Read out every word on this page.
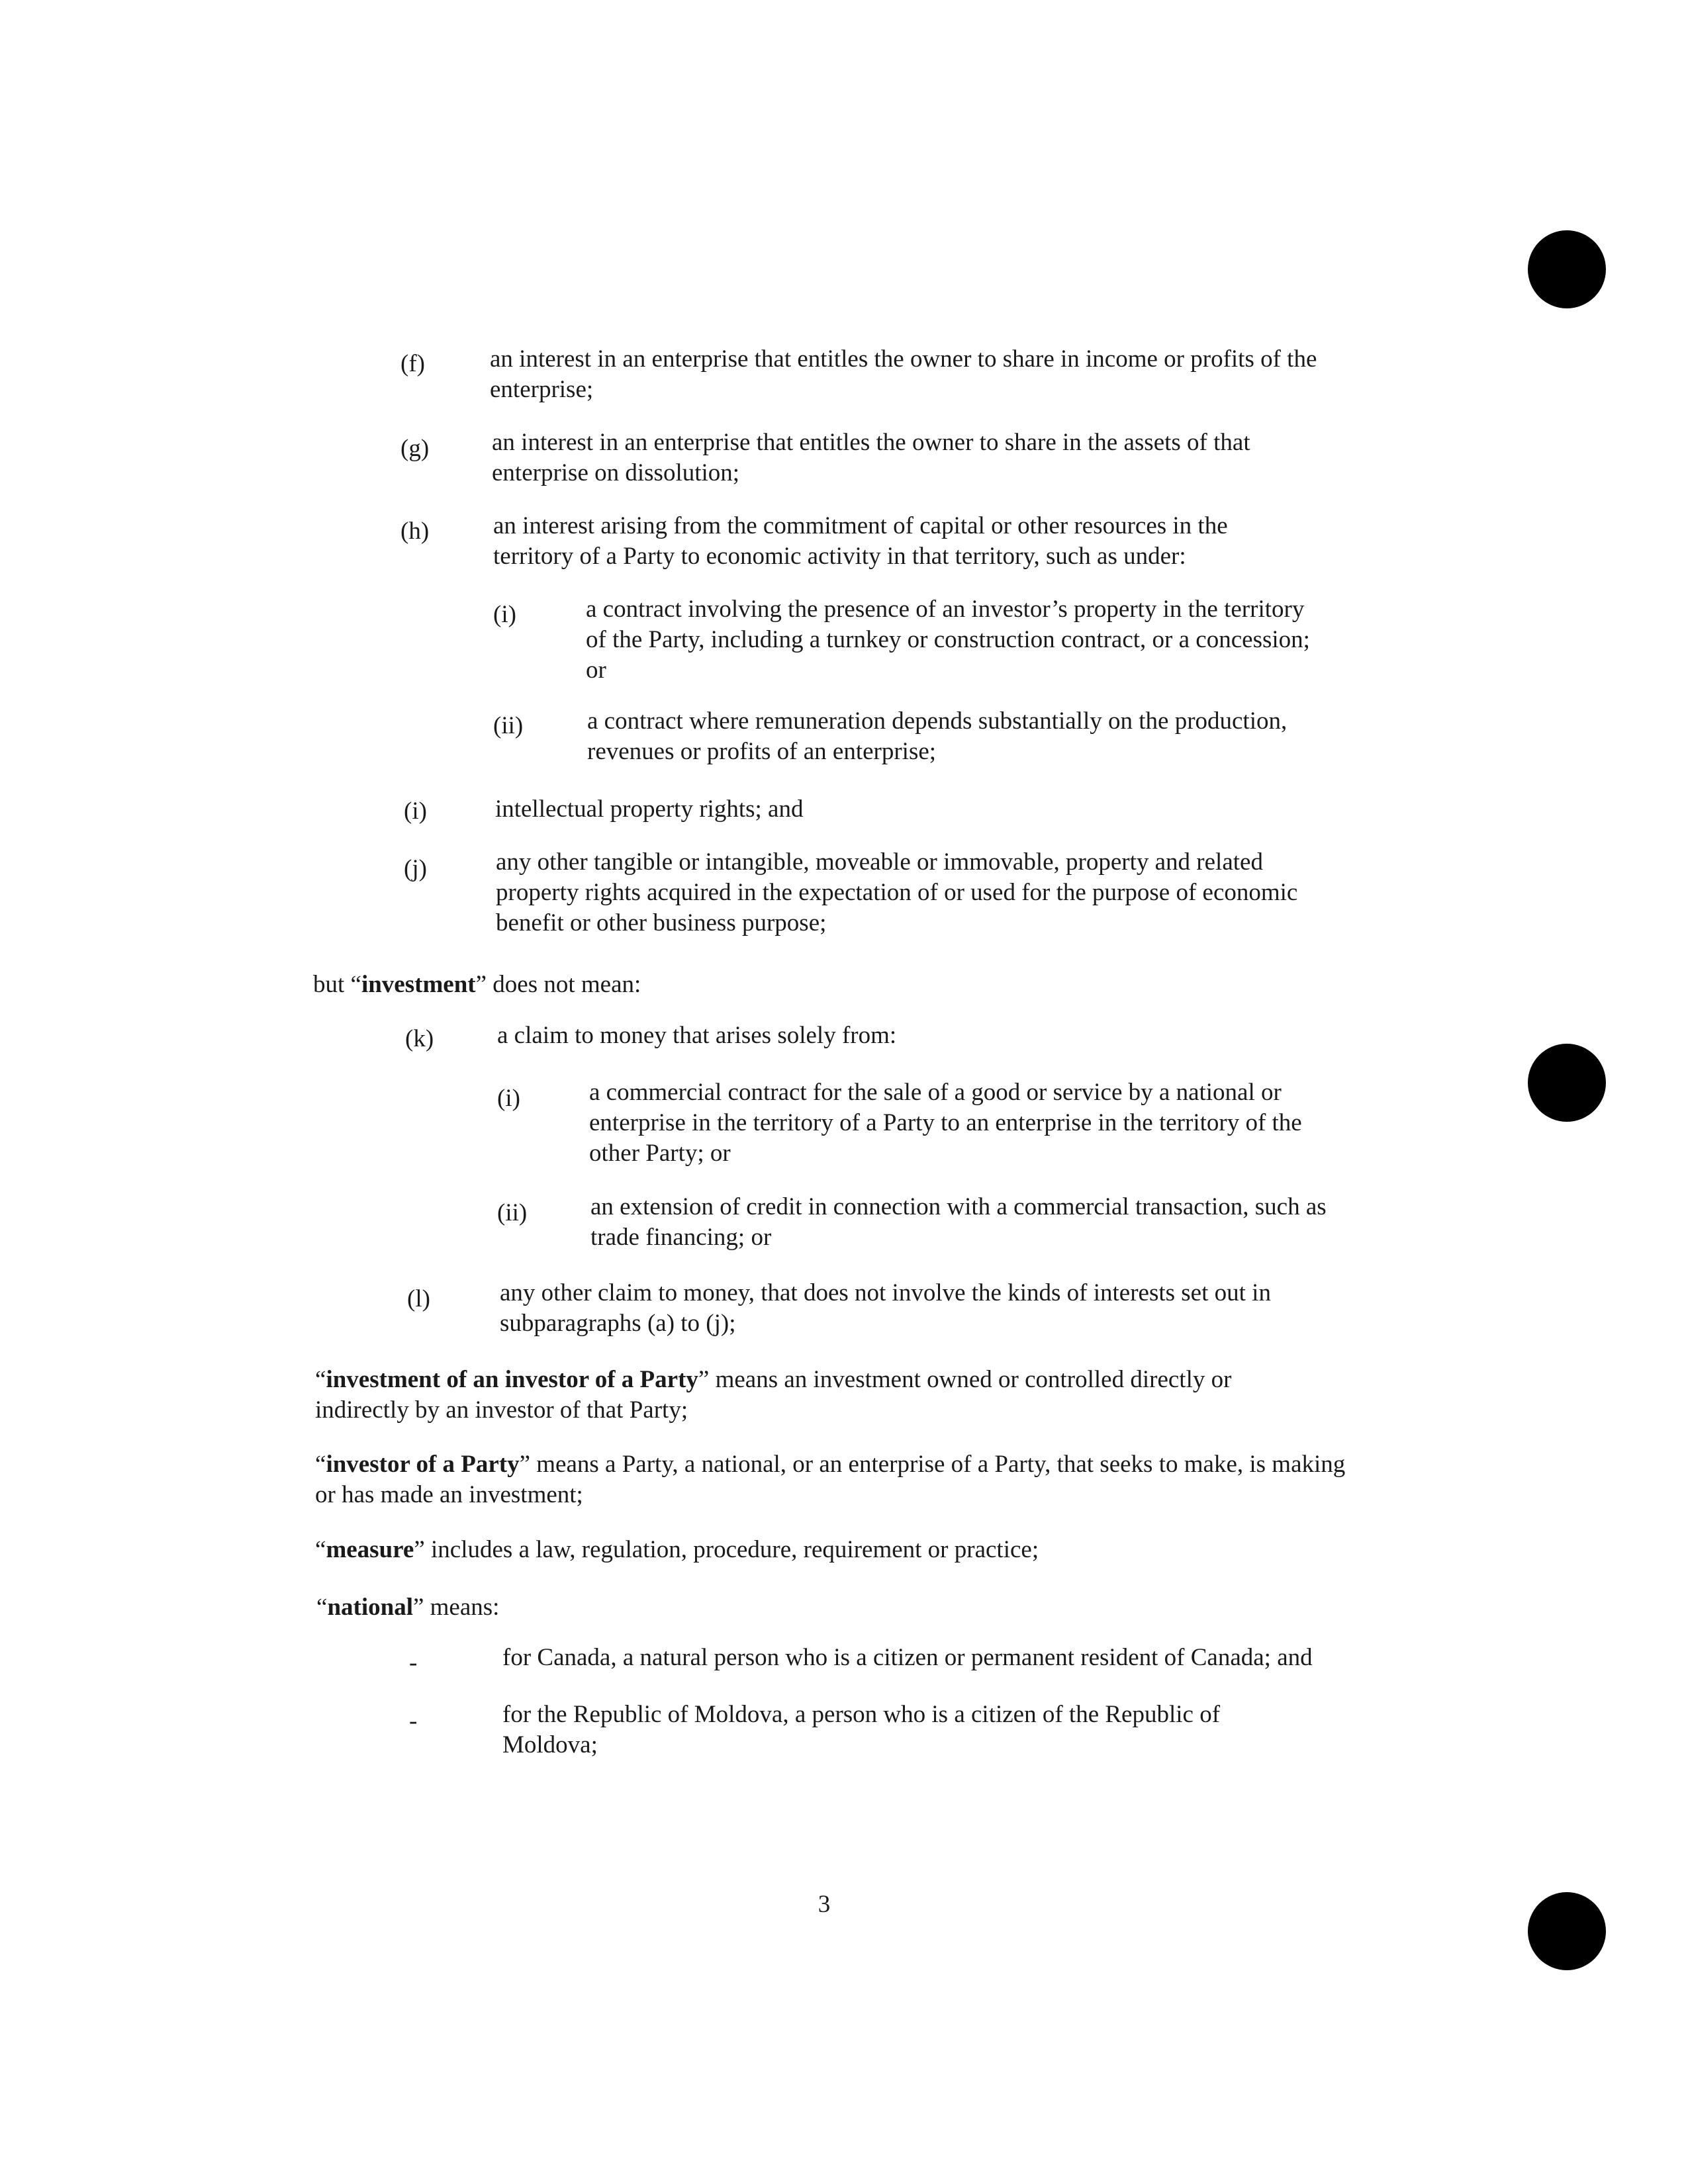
(f)	an interest in an enterprise that entitles the owner to share in income or profits of the enterprise;
(g)	an interest in an enterprise that entitles the owner to share in the assets of that enterprise on dissolution;
(h)	an interest arising from the commitment of capital or other resources in the territory of a Party to economic activity in that territory, such as under:
(i)	a contract involving the presence of an investor’s property in the territory of the Party, including a turnkey or construction contract, or a concession; or
(ii)	a contract where remuneration depends substantially on the production, revenues or profits of an enterprise;
(i)	intellectual property rights; and
(j)	any other tangible or intangible, moveable or immovable, property and related property rights acquired in the expectation of or used for the purpose of economic benefit or other business purpose;
but “investment” does not mean:
(k)	a claim to money that arises solely from:
(i)	a commercial contract for the sale of a good or service by a national or enterprise in the territory of a Party to an enterprise in the territory of the other Party; or
(ii)	an extension of credit in connection with a commercial transaction, such as trade financing; or
(l)	any other claim to money, that does not involve the kinds of interests set out in subparagraphs (a) to (j);
“investment of an investor of a Party” means an investment owned or controlled directly or indirectly by an investor of that Party;
“investor of a Party” means a Party, a national, or an enterprise of a Party, that seeks to make, is making or has made an investment;
“measure” includes a law, regulation, procedure, requirement or practice;
“national” means:
-	for Canada, a natural person who is a citizen or permanent resident of Canada; and
-	for the Republic of Moldova, a person who is a citizen of the Republic of Moldova;
3
